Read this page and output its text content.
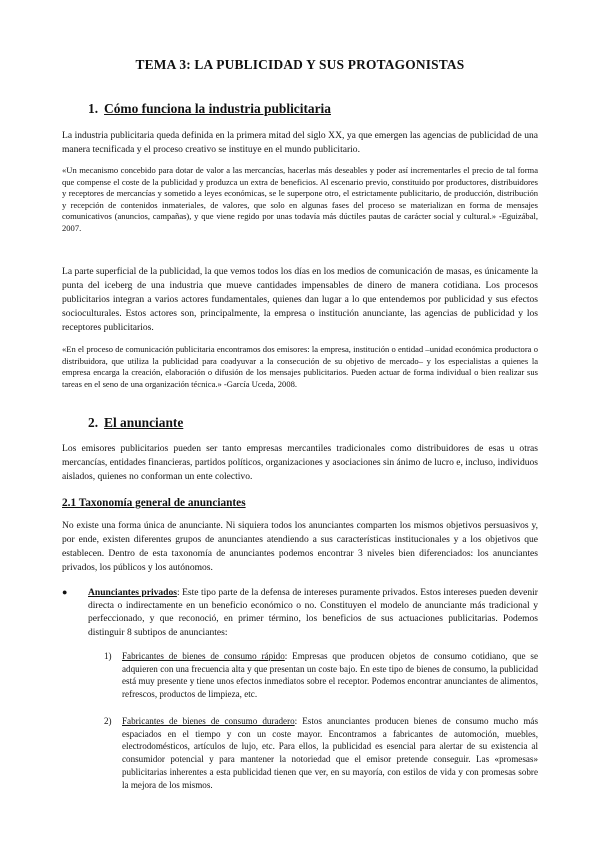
TEMA 3: LA PUBLICIDAD Y SUS PROTAGONISTAS
1. Cómo funciona la industria publicitaria
La industria publicitaria queda definida en la primera mitad del siglo XX, ya que emergen las agencias de publicidad de una manera tecnificada y el proceso creativo se instituye en el mundo publicitario.
«Un mecanismo concebido para dotar de valor a las mercancías, hacerlas más deseables y poder así incrementarles el precio de tal forma que compense el coste de la publicidad y produzca un extra de beneficios. Al escenario previo, constituido por productores, distribuidores y receptores de mercancías y sometido a leyes económicas, se le superpone otro, el estrictamente publicitario, de producción, distribución y recepción de contenidos inmateriales, de valores, que solo en algunas fases del proceso se materializan en forma de mensajes comunicativos (anuncios, campañas), y que viene regido por unas todavía más dúctiles pautas de carácter social y cultural.» -Eguizábal, 2007.
La parte superficial de la publicidad, la que vemos todos los días en los medios de comunicación de masas, es únicamente la punta del iceberg de una industria que mueve cantidades impensables de dinero de manera cotidiana. Los procesos publicitarios integran a varios actores fundamentales, quienes dan lugar a lo que entendemos por publicidad y sus efectos socioculturales. Estos actores son, principalmente, la empresa o institución anunciante, las agencias de publicidad y los receptores publicitarios.
«En el proceso de comunicación publicitaria encontramos dos emisores: la empresa, institución o entidad –unidad económica productora o distribuidora, que utiliza la publicidad para coadyuvar a la consecución de su objetivo de mercado– y los especialistas a quienes la empresa encarga la creación, elaboración o difusión de los mensajes publicitarios. Pueden actuar de forma individual o bien realizar sus tareas en el seno de una organización técnica.» -García Uceda, 2008.
2. El anunciante
Los emisores publicitarios pueden ser tanto empresas mercantiles tradicionales como distribuidores de esas u otras mercancías, entidades financieras, partidos políticos, organizaciones y asociaciones sin ánimo de lucro e, incluso, individuos aislados, quienes no conforman un ente colectivo.
2.1 Taxonomía general de anunciantes
No existe una forma única de anunciante. Ni siquiera todos los anunciantes comparten los mismos objetivos persuasivos y, por ende, existen diferentes grupos de anunciantes atendiendo a sus características institucionales y a los objetivos que establecen. Dentro de esta taxonomía de anunciantes podemos encontrar 3 niveles bien diferenciados: los anunciantes privados, los públicos y los autónomos.
● Anunciantes privados: Este tipo parte de la defensa de intereses puramente privados. Estos intereses pueden devenir directa o indirectamente en un beneficio económico o no. Constituyen el modelo de anunciante más tradicional y perfeccionado, y que reconoció, en primer término, los beneficios de sus actuaciones publicitarias. Podemos distinguir 8 subtipos de anunciantes:
1) Fabricantes de bienes de consumo rápido: Empresas que producen objetos de consumo cotidiano, que se adquieren con una frecuencia alta y que presentan un coste bajo. En este tipo de bienes de consumo, la publicidad está muy presente y tiene unos efectos inmediatos sobre el receptor. Podemos encontrar anunciantes de alimentos, refrescos, productos de limpieza, etc.
2) Fabricantes de bienes de consumo duradero: Estos anunciantes producen bienes de consumo mucho más espaciados en el tiempo y con un coste mayor. Encontramos a fabricantes de automoción, muebles, electrodomésticos, artículos de lujo, etc. Para ellos, la publicidad es esencial para alertar de su existencia al consumidor potencial y para mantener la notoriedad que el emisor pretende conseguir. Las «promesas» publicitarias inherentes a esta publicidad tienen que ver, en su mayoría, con estilos de vida y con promesas sobre la mejora de los mismos.
